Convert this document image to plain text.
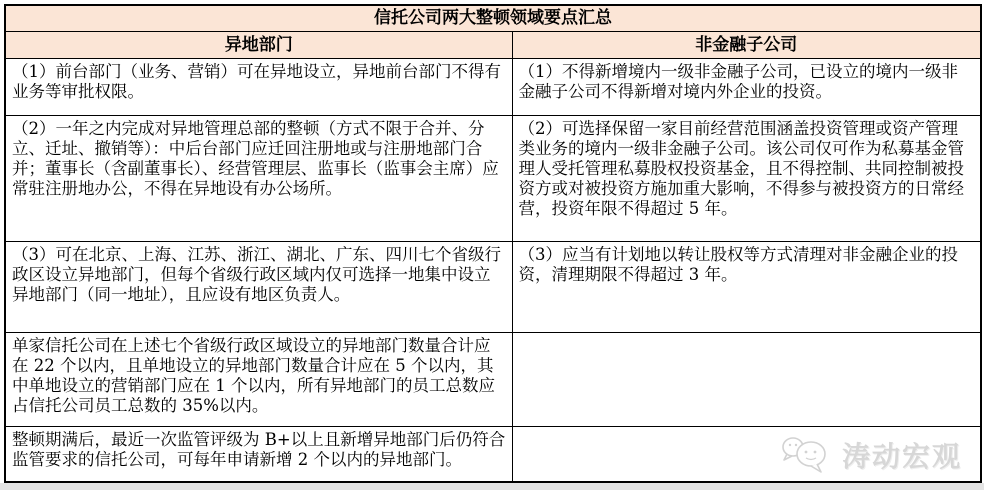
信托公司两大整顿领域要点汇总	
异地部门	非金融子公司
（1）前台部门（业务、营销）可在异地设立，异地前台部门不得有业务等审批权限。	（1）不得新增境内一级非金融子公司，已设立的境内一级非金融子公司不得新增对境内外企业的投资。
（2）一年之内完成对异地管理总部的整顿（方式不限于合并、分立、迁址、撤销等）：中后台部门应迁回注册地或与注册地部门合并；董事长（含副董事长）、经营管理层、监事长（监事会主席）应常驻注册地办公，不得在异地设有办公场所。	（2）可选择保留一家目前经营范围涵盖投资管理或资产管理类业务的境内一级非金融子公司。该公司仅可作为私募基金管理人受托管理私募股权投资基金，且不得控制、共同控制被投资方或对被投资方施加重大影响，不得参与被投资方的日常经营，投资年限不得超过 5 年。
（3）可在北京、上海、江苏、浙江、湖北、广东、四川七个省级行政区设立异地部门，但每个省级行政区域内仅可选择一地集中设立异地部门（同一地址），且应设有地区负责人。	（3）应当有计划地以转让股权等方式清理对非金融企业的投资，清理期限不得超过 3 年。
单家信托公司在上述七个省级行政区域设立的异地部门数量合计应在 22 个以内，且单地设立的异地部门数量合计应在 5 个以内，其中单地设立的营销部门应在 1 个以内，所有异地部门的员工总数应占信托公司员工总数的 35%以内。	
整顿期满后，最近一次监管评级为 B+以上且新增异地部门后仍符合监管要求的信托公司，可每年申请新增 2 个以内的异地部门。		涛动宏观
